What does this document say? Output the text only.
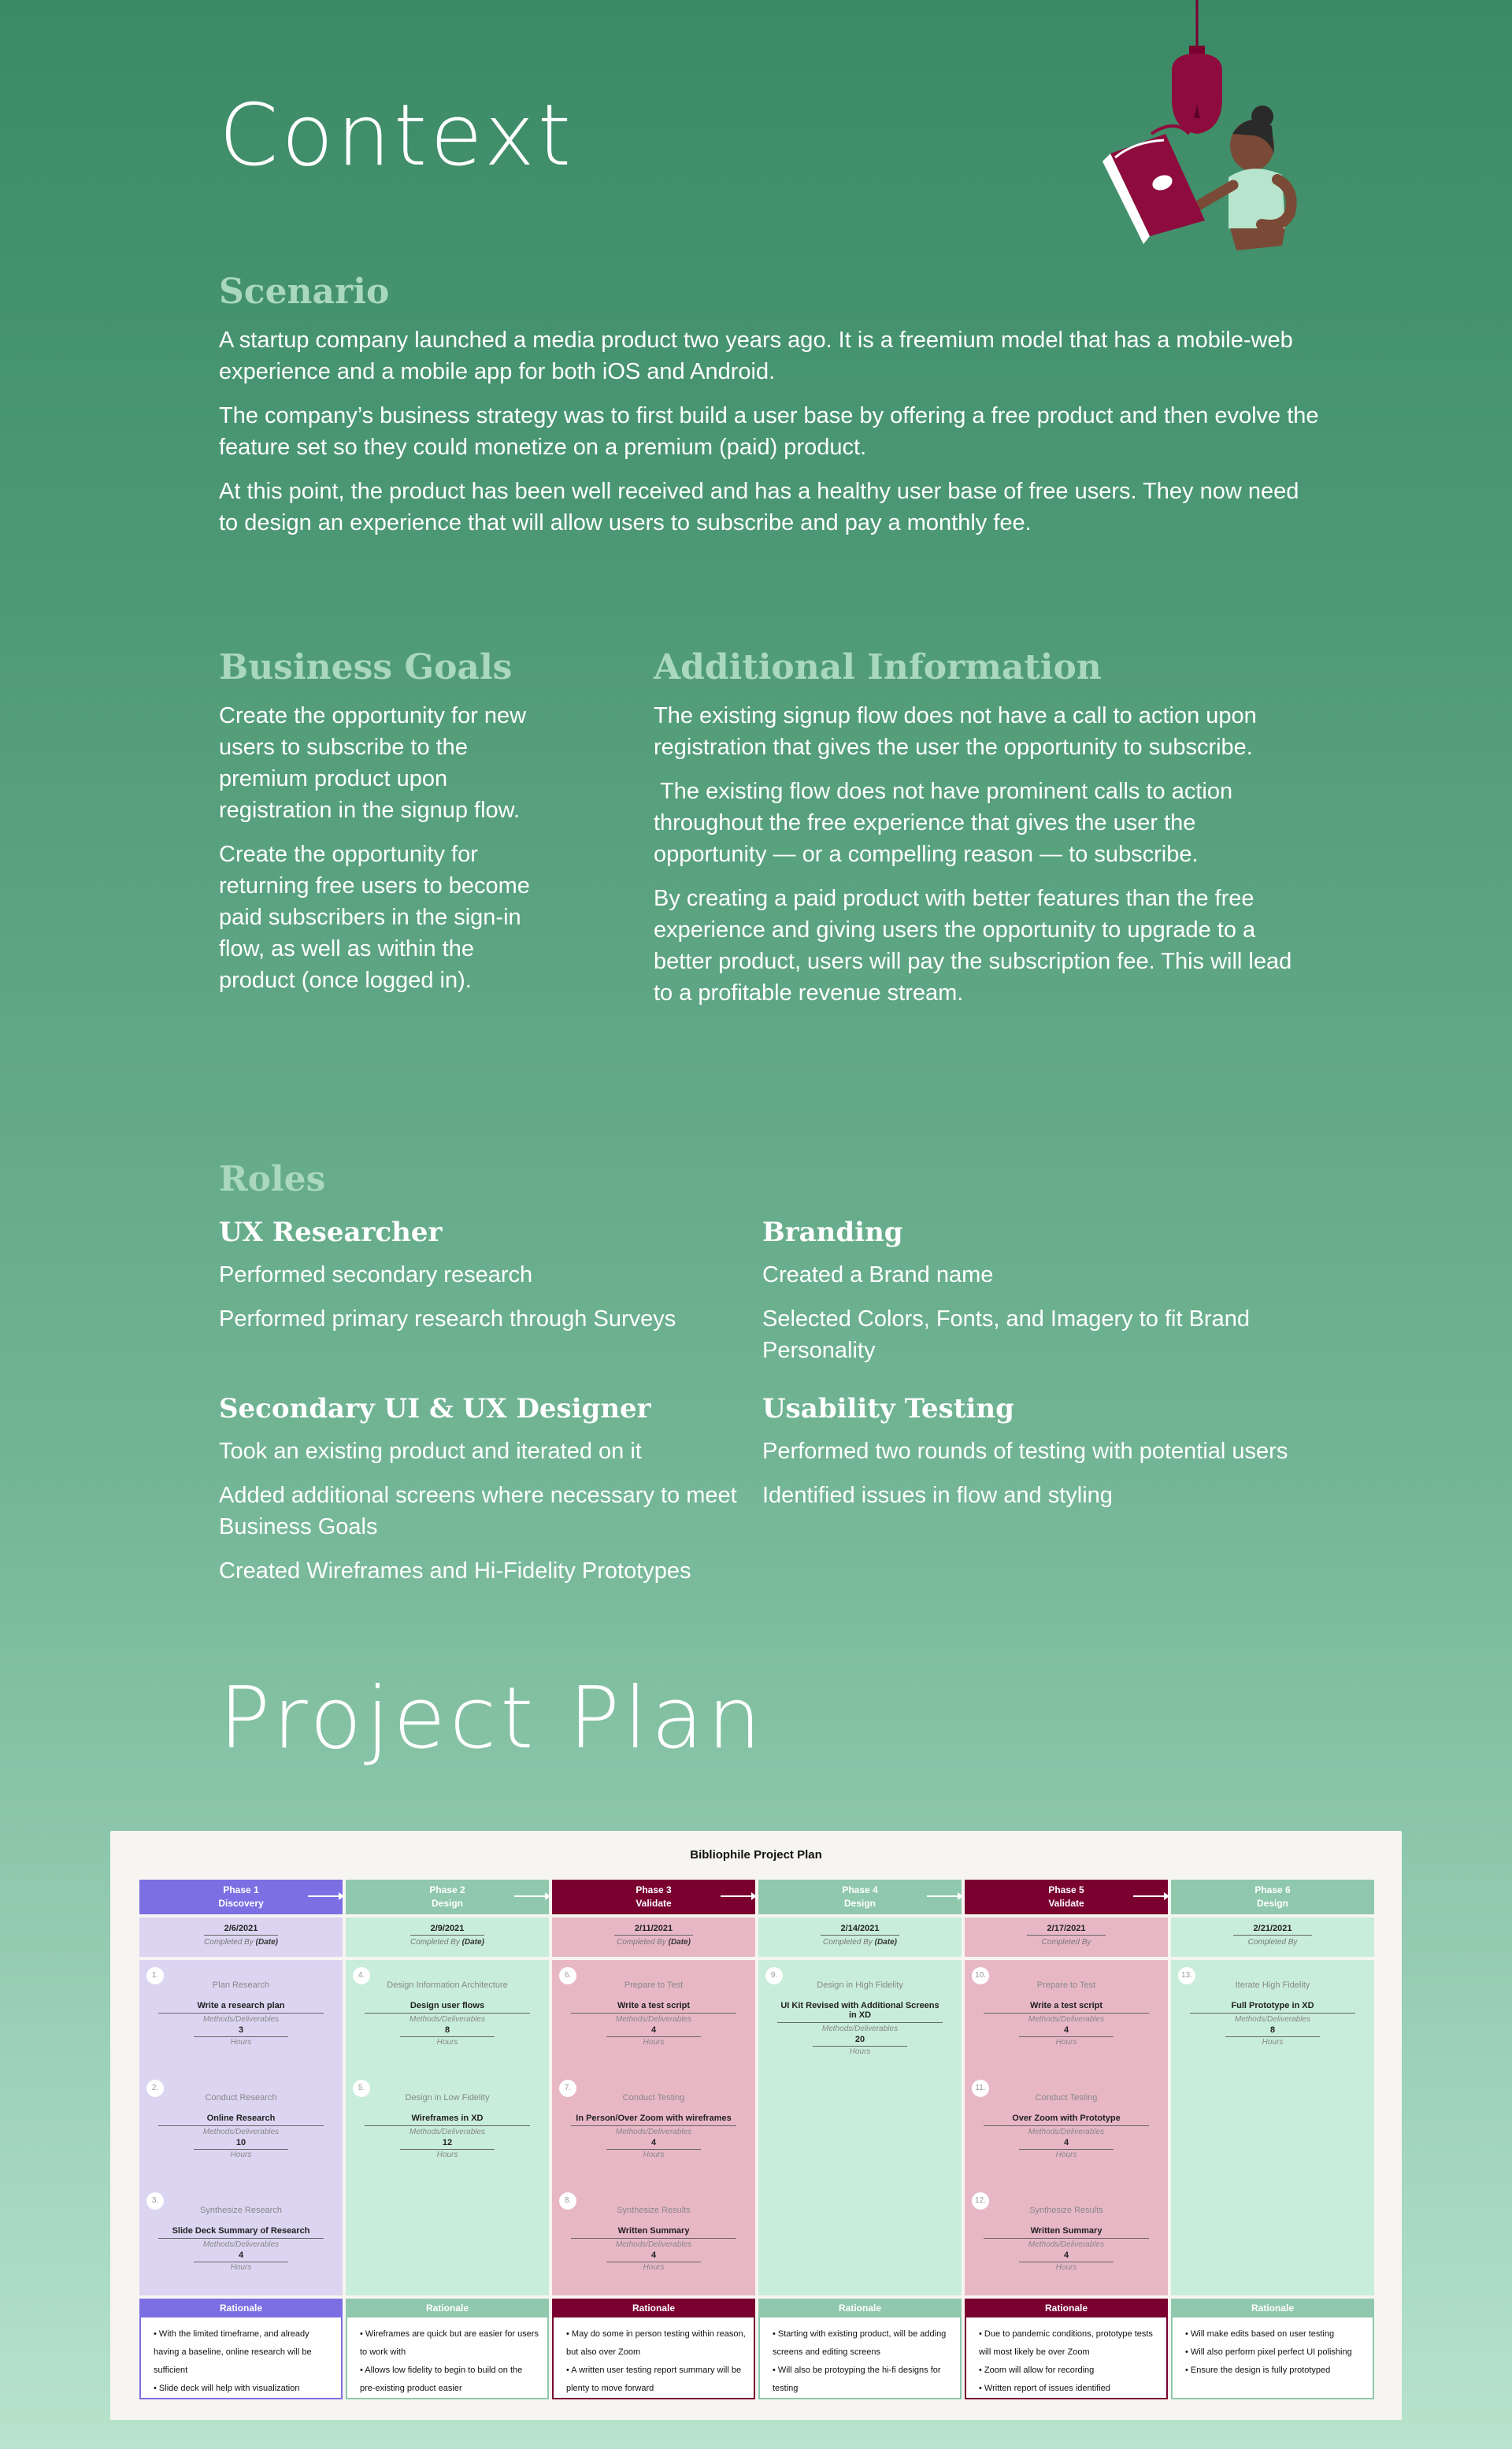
Context
Scenario

A startup company launched a media product two years ago. It is a freemium model that has a mobile-web experience and a mobile app for both iOS and Android.

The company’s business strategy was to first build a user base by offering a free product and then evolve the feature set so they could monetize on a premium (paid) product.

At this point, the product has been well received and has a healthy user base of free users. They now need to design an experience that will allow users to subscribe and pay a monthly fee.

Business Goals

Create the opportunity for new users to subscribe to the premium product upon registration in the signup flow.

Create the opportunity for returning free users to become paid subscribers in the sign-in flow, as well as within the product (once logged in).

Additional Information

The existing signup flow does not have a call to action upon registration that gives the user the opportunity to subscribe.

The existing flow does not have prominent calls to action throughout the free experience that gives the user the opportunity — or a compelling reason — to subscribe.

By creating a paid product with better features than the free experience and giving users the opportunity to upgrade to a better product, users will pay the subscription fee. This will lead to a profitable revenue stream.

Roles
UX Researcher

Performed secondary research

Performed primary research through Surveys

Branding

Created a Brand name

Selected Colors, Fonts, and Imagery to fit Brand Personality

Secondary UI & UX Designer

Took an existing product and iterated on it

Added additional screens where necessary to meet Business Goals

Created Wireframes and Hi-Fidelity Prototypes

Usability Testing

Performed two rounds of testing with potential users

Identified issues in flow and styling

Project Plan
Bibliophile Project Plan
Phase 1
Discovery
2/6/2021
Completed By (Date)
1.
Plan Research
Write a research plan
Methods/Deliverables
3
Hours
2.
Conduct Research
Online Research
Methods/Deliverables
10
Hours
3.
Synthesize Research
Slide Deck Summary of Research
Methods/Deliverables
4
Hours
Rationale
• With the limited timeframe, and already having a baseline, online research will be sufficient
• Slide deck will help with visualization
Phase 2
Design
2/9/2021
Completed By (Date)
4.
Design Information Architecture
Design user flows
Methods/Deliverables
8
Hours
5.
Design in Low Fidelity
Wireframes in XD
Methods/Deliverables
12
Hours
Rationale
• Wireframes are quick but are easier for users to work with
• Allows low fidelity to begin to build on the pre-existing product easier
Phase 3
Validate
2/11/2021
Completed By (Date)
6.
Prepare to Test
Write a test script
Methods/Deliverables
4
Hours
7.
Conduct Testing
In Person/Over Zoom with wireframes
Methods/Deliverables
4
Hours
8.
Synthesize Results
Written Summary
Methods/Deliverables
4
Hours
Rationale
• May do some in person testing within reason, but also over Zoom
• A written user testing report summary will be plenty to move forward
Phase 4
Design
2/14/2021
Completed By (Date)
9.
Design in High Fidelity
UI Kit Revised with Additional Screens in XD
Methods/Deliverables
20
Hours
Rationale
• Starting with existing product, will be adding screens and editing screens
• Will also be protoyping the hi-fi designs for testing
Phase 5
Validate
2/17/2021
Completed By
10.
Prepare to Test
Write a test script
Methods/Deliverables
4
Hours
11.
Conduct Testing
Over Zoom with Prototype
Methods/Deliverables
4
Hours
12.
Synthesize Results
Written Summary
Methods/Deliverables
4
Hours
Rationale
• Due to pandemic conditions, prototype tests will most likely be over Zoom
• Zoom will allow for recording
• Written report of issues identified
Phase 6
Design
2/21/2021
Completed By
13.
Iterate High Fidelity
Full Prototype in XD
Methods/Deliverables
8
Hours
Rationale
• Will make edits based on user testing
• Will also perform pixel perfect UI polishing
• Ensure the design is fully prototyped
